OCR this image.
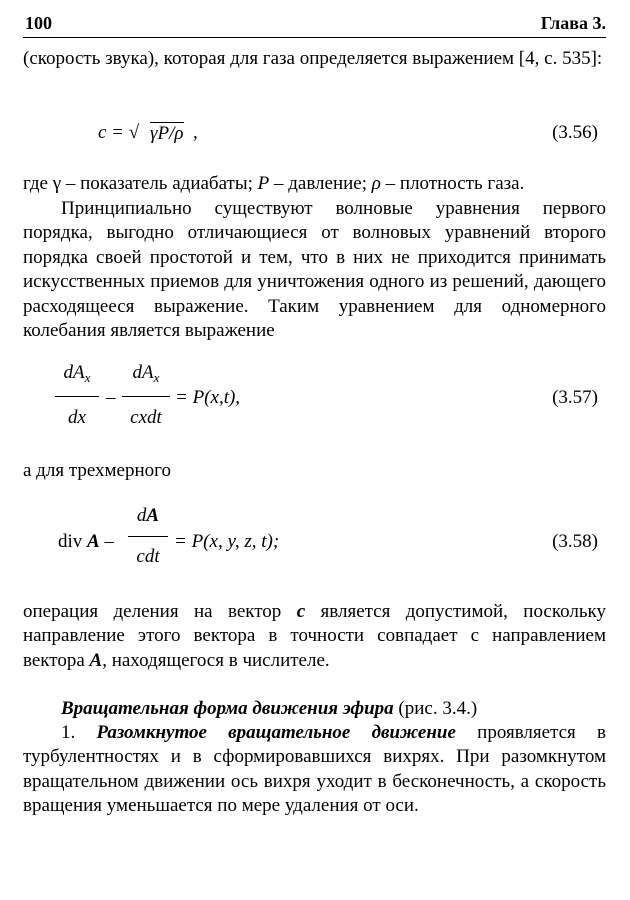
100	Глава 3.

(скорость звука), которая для газа определяется выражением [4, с. 535]:

c = √ γP/ρ ,	(3.56)

где γ – показатель адиабаты; P – давление; ρ – плотность газа.

Принципиально существуют волновые уравнения первого порядка, выгодно отличающиеся от волновых уравнений второго порядка своей простотой и тем, что в них не приходится принимать искусственных приемов для уничтожения одного из решений, дающего расходящееся выражение. Таким уравнением для одномерного колебания является выражение

$dA_x$
dx
–
$dA_x$
cxdt
= P(x,t),	(3.57)

а для трехмерного

div A –
dA
cdt
= P(x, y, z, t);	(3.58)

операция деления на вектор с является допустимой, поскольку направление этого вектора в точности совпадает с направлением вектора A, находящегося в числителе.

Вращательная форма движения эфира (рис. 3.4.)

1. Разомкнутое вращательное движение проявляется в турбулентностях и в сформировавшихся вихрях. При разомкнутом вращательном движении ось вихря уходит в бесконечность, а скорость вращения уменьшается по мере удаления от оси.
